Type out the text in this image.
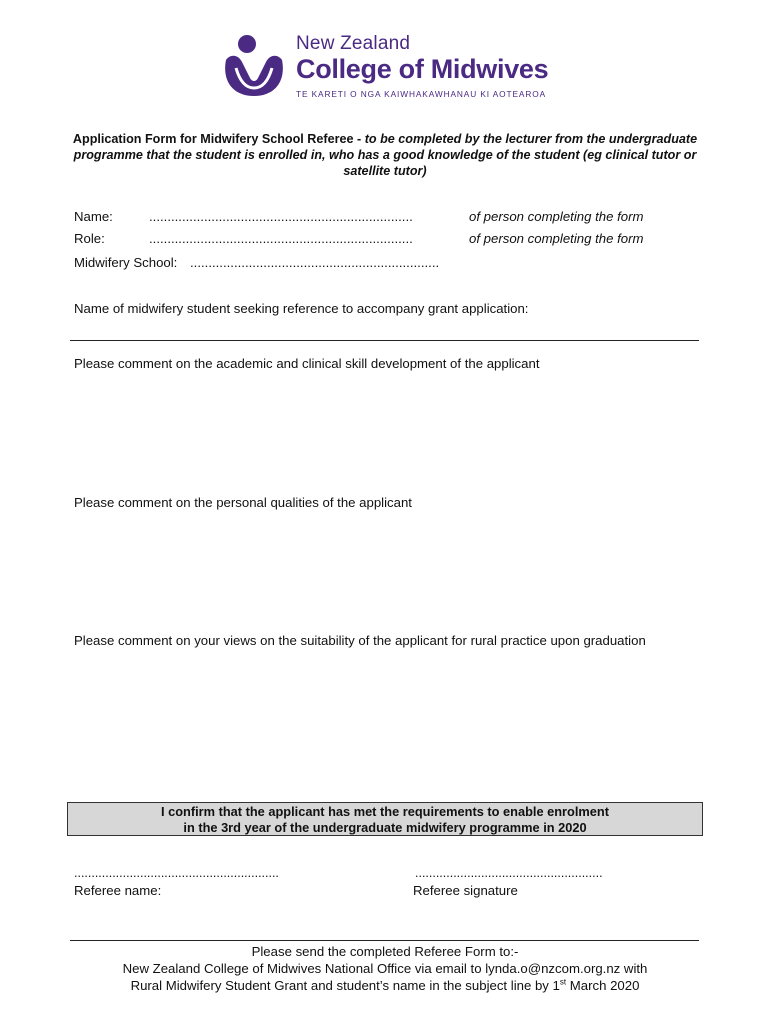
New Zealand
College of Midwives
TE KARETI O NGA KAIWHAKAWHANAU KI AOTEAROA
Application Form for Midwifery School Referee - to be completed by the lecturer from the undergraduate programme that the student is enrolled in, who has a good knowledge of the student (eg clinical tutor or satellite tutor)
Name:	........................................................................	of person completing the form
Role:	........................................................................	of person completing the form
Midwifery School: ....................................................................
Name of midwifery student seeking reference to accompany grant application:
Please comment on the academic and clinical skill development of the applicant
Please comment on the personal qualities of the applicant
Please comment on your views on the suitability of the applicant for rural practice upon graduation
I confirm that the applicant has met the requirements to enable enrolment
in the 3rd year of the undergraduate midwifery programme in 2020
...........................................................
Referee name:
......................................................
Referee signature
Please send the completed Referee Form to:-
New Zealand College of Midwives National Office via email to lynda.o@nzcom.org.nz with
Rural Midwifery Student Grant and student’s name in the subject line by 1st March 2020
